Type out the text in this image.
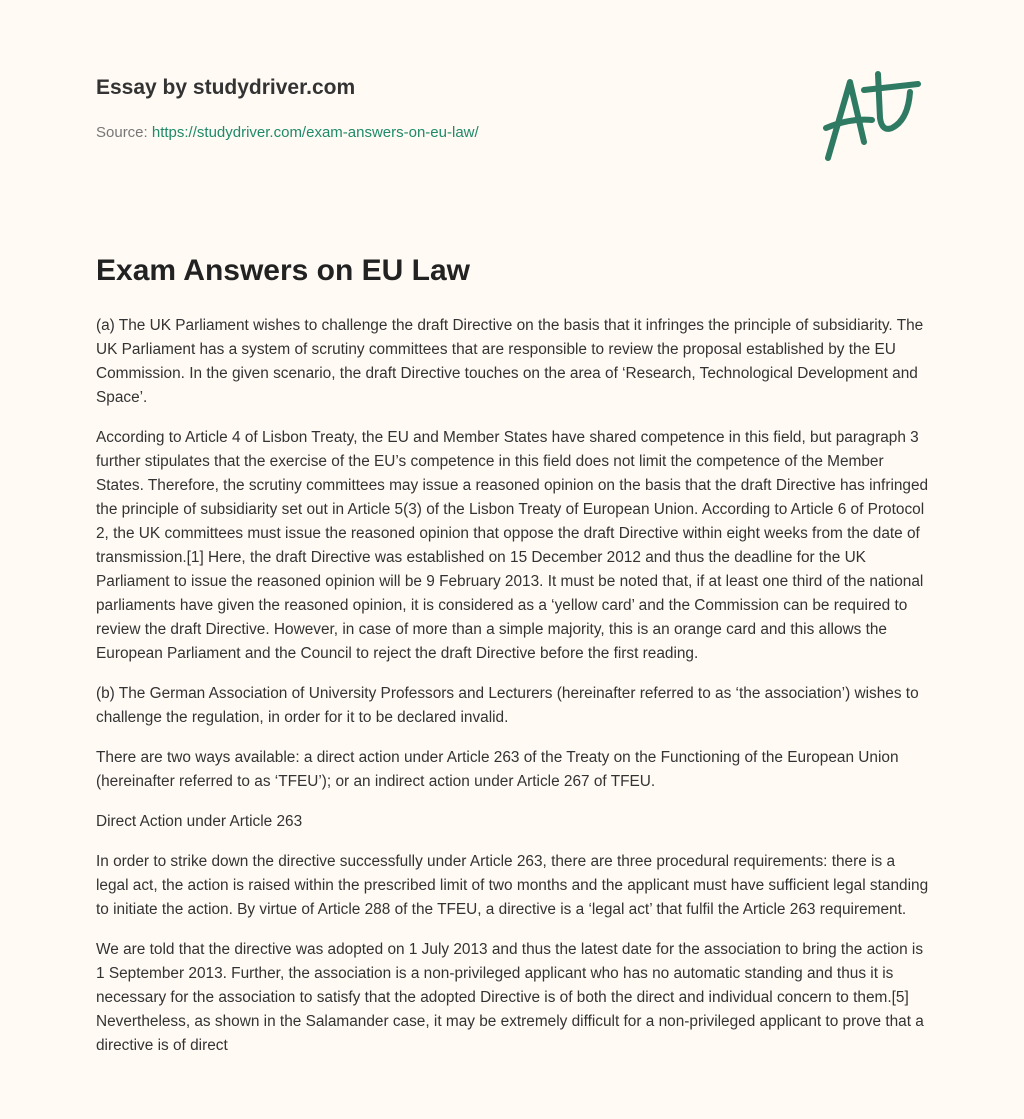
Essay by studydriver.com
Source: https://studydriver.com/exam-answers-on-eu-law/
Exam Answers on EU Law

(a) The UK Parliament wishes to challenge the draft Directive on the basis that it infringes the principle of subsidiarity. The UK Parliament has a system of scrutiny committees that are responsible to review the proposal established by the EU Commission. In the given scenario, the draft Directive touches on the area of ‘Research, Technological Development and Space’.

According to Article 4 of Lisbon Treaty, the EU and Member States have shared competence in this field, but paragraph 3 further stipulates that the exercise of the EU’s competence in this field does not limit the competence of the Member States. Therefore, the scrutiny committees may issue a reasoned opinion on the basis that the draft Directive has infringed the principle of subsidiarity set out in Article 5(3) of the Lisbon Treaty of European Union. According to Article 6 of Protocol 2, the UK committees must issue the reasoned opinion that oppose the draft Directive within eight weeks from the date of transmission.[1] Here, the draft Directive was established on 15 December 2012 and thus the deadline for the UK Parliament to issue the reasoned opinion will be 9 February 2013. It must be noted that, if at least one third of the national parliaments have given the reasoned opinion, it is considered as a ‘yellow card’ and the Commission can be required to review the draft Directive. However, in case of more than a simple majority, this is an orange card and this allows the European Parliament and the Council to reject the draft Directive before the first reading.

(b) The German Association of University Professors and Lecturers (hereinafter referred to as ‘the association’) wishes to challenge the regulation, in order for it to be declared invalid.

There are two ways available: a direct action under Article 263 of the Treaty on the Functioning of the European Union (hereinafter referred to as ‘TFEU’); or an indirect action under Article 267 of TFEU.

Direct Action under Article 263

In order to strike down the directive successfully under Article 263, there are three procedural requirements: there is a legal act, the action is raised within the prescribed limit of two months and the applicant must have sufficient legal standing to initiate the action. By virtue of Article 288 of the TFEU, a directive is a ‘legal act’ that fulfil the Article 263 requirement.

We are told that the directive was adopted on 1 July 2013 and thus the latest date for the association to bring the action is 1 September 2013. Further, the association is a non-privileged applicant who has no automatic standing and thus it is necessary for the association to satisfy that the adopted Directive is of both the direct and individual concern to them.[5] Nevertheless, as shown in the Salamander case, it may be extremely difficult for a non-privileged applicant to prove that a directive is of direct
